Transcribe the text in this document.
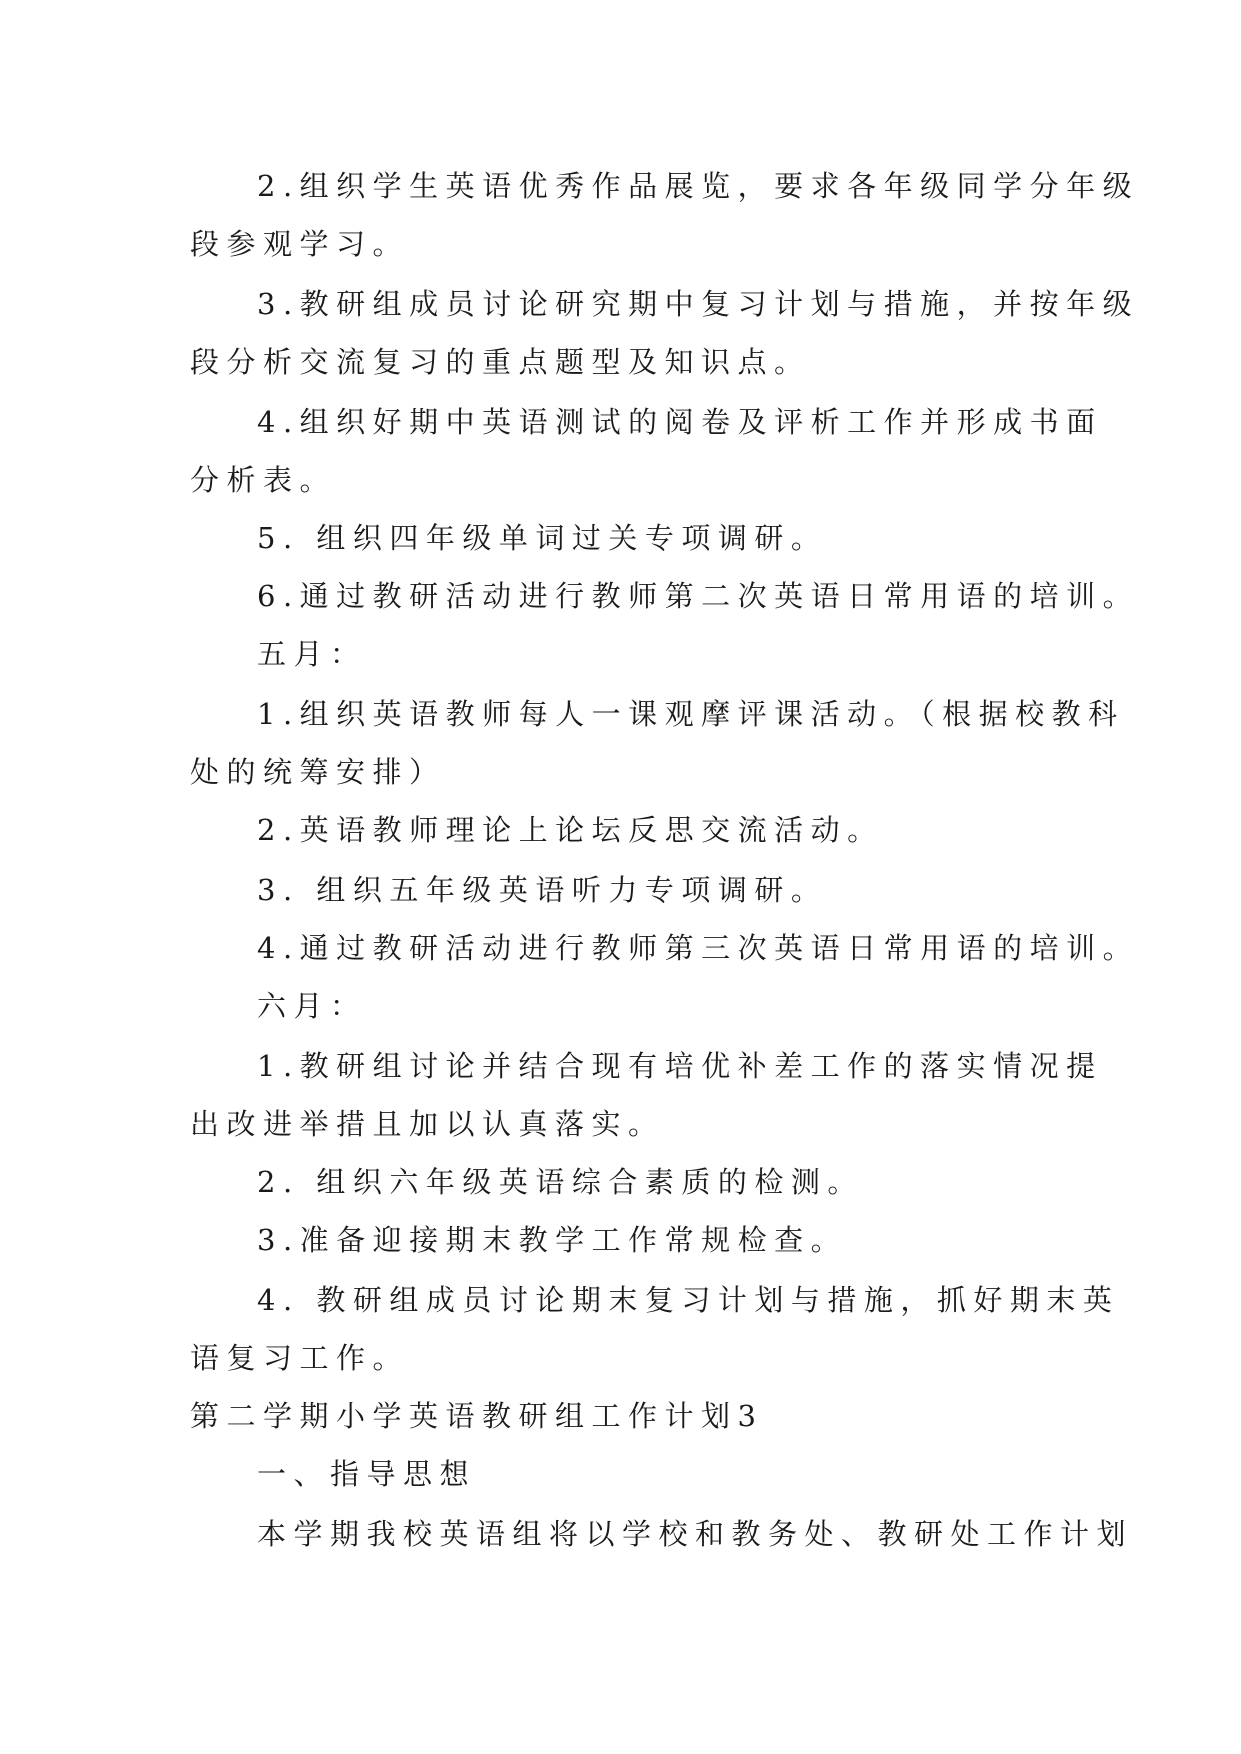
2.组织学生英语优秀作品展览，要求各年级同学分年级
段参观学习。
3.教研组成员讨论研究期中复习计划与措施，并按年级
段分析交流复习的重点题型及知识点。
4.组织好期中英语测试的阅卷及评析工作并形成书面
分析表。
5. 组织四年级单词过关专项调研。
6.通过教研活动进行教师第二次英语日常用语的培训。
五月：
1.组织英语教师每人一课观摩评课活动。（根据校教科
处的统筹安排）
2.英语教师理论上论坛反思交流活动。
3. 组织五年级英语听力专项调研。
4.通过教研活动进行教师第三次英语日常用语的培训。
六月：
1.教研组讨论并结合现有培优补差工作的落实情况提
出改进举措且加以认真落实。
2. 组织六年级英语综合素质的检测。
3.准备迎接期末教学工作常规检查。
4. 教研组成员讨论期末复习计划与措施，抓好期末英
语复习工作。
第二学期小学英语教研组工作计划3
一、指导思想
本学期我校英语组将以学校和教务处、教研处工作计划
